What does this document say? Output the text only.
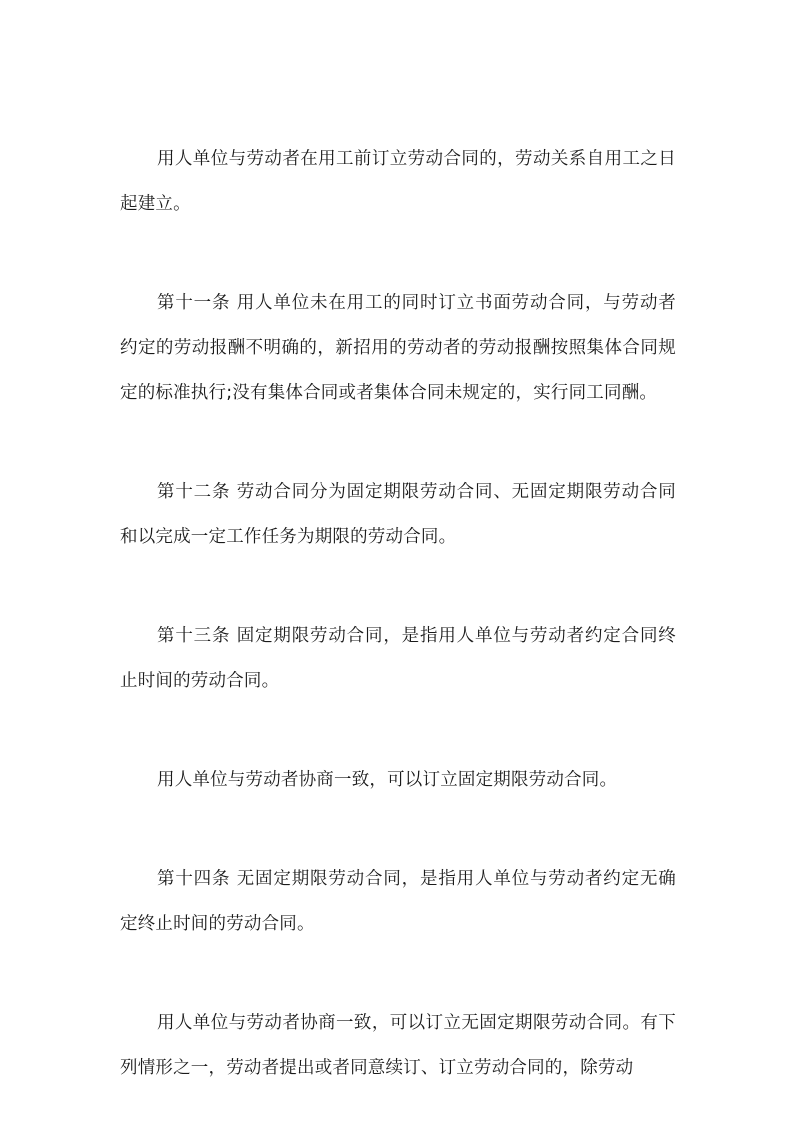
用人单位与劳动者在用工前订立劳动合同的，劳动关系自用工之日起建立。

第十一条 用人单位未在用工的同时订立书面劳动合同，与劳动者约定的劳动报酬不明确的，新招用的劳动者的劳动报酬按照集体合同规定的标准执行;没有集体合同或者集体合同未规定的，实行同工同酬。

第十二条 劳动合同分为固定期限劳动合同、无固定期限劳动合同和以完成一定工作任务为期限的劳动合同。

第十三条 固定期限劳动合同，是指用人单位与劳动者约定合同终止时间的劳动合同。

用人单位与劳动者协商一致，可以订立固定期限劳动合同。

第十四条 无固定期限劳动合同，是指用人单位与劳动者约定无确定终止时间的劳动合同。

用人单位与劳动者协商一致，可以订立无固定期限劳动合同。有下列情形之一，劳动者提出或者同意续订、订立劳动合同的，除劳动
